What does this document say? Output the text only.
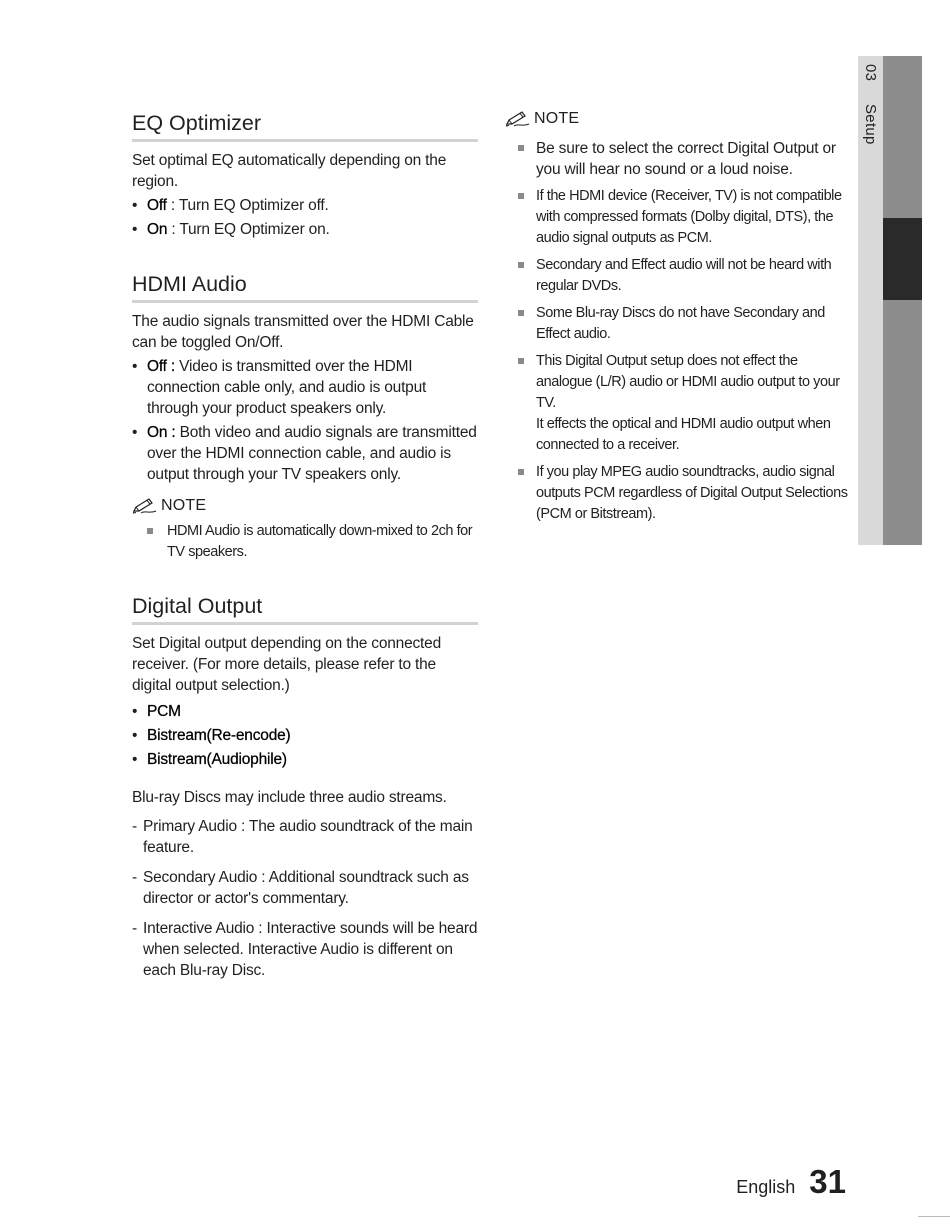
EQ Optimizer

Set optimal EQ automatically depending on the region.

• Off : Turn EQ Optimizer off.
• On : Turn EQ Optimizer on.
HDMI Audio

The audio signals transmitted over the HDMI Cable can be toggled On/Off.

• Off : Video is transmitted over the HDMI connection cable only, and audio is output through your product speakers only.
• On : Both video and audio signals are transmitted over the HDMI connection cable, and audio is output through your TV speakers only.
NOTE
HDMI Audio is automatically down-mixed to 2ch for TV speakers.
Digital Output

Set Digital output depending on the connected receiver. (For more details, please refer to the digital output selection.)

• PCM
• Bistream(Re-encode)
• Bistream(Audiophile)

Blu-ray Discs may include three audio streams.

- Primary Audio : The audio soundtrack of the main feature.
- Secondary Audio : Additional soundtrack such as director or actor's commentary.
- Interactive Audio : Interactive sounds will be heard when selected. Interactive Audio is different on each Blu-ray Disc.
NOTE
Be sure to select the correct Digital Output or you will hear no sound or a loud noise.
If the HDMI device (Receiver, TV) is not compatible with compressed formats (Dolby digital, DTS), the audio signal outputs as PCM.
Secondary and Effect audio will not be heard with regular DVDs.
Some Blu-ray Discs do not have Secondary and Effect audio.
This Digital Output setup does not effect the analogue (L/R) audio or HDMI audio output to your TV.
It effects the optical and HDMI audio output when connected to a receiver.
If you play MPEG audio soundtracks, audio signal outputs PCM regardless of Digital Output Selections (PCM or Bitstream).
03  Setup
English 31
